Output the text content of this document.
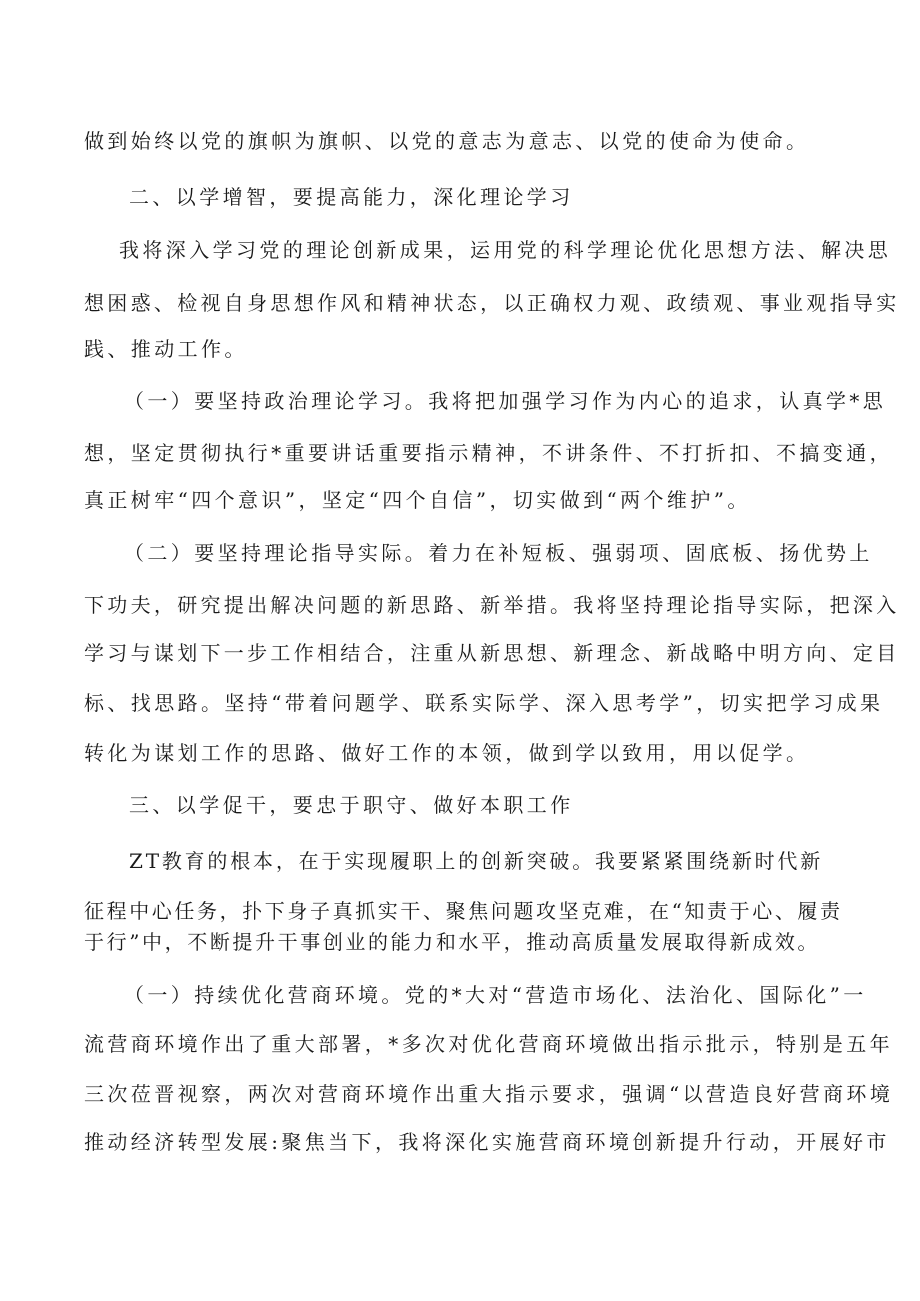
做到始终以党的旗帜为旗帜、以党的意志为意志、以党的使命为使命。
二、以学增智，要提高能力，深化理论学习
我将深入学习党的理论创新成果，运用党的科学理论优化思想方法、解决思
想困惑、检视自身思想作风和精神状态，以正确权力观、政绩观、事业观指导实
践、推动工作。
（一）要坚持政治理论学习。我将把加强学习作为内心的追求，认真学*思
想，坚定贯彻执行*重要讲话重要指示精神，不讲条件、不打折扣、不搞变通，
真正树牢“四个意识”，坚定“四个自信”，切实做到“两个维护”。
（二）要坚持理论指导实际。着力在补短板、强弱项、固底板、扬优势上
下功夫，研究提出解决问题的新思路、新举措。我将坚持理论指导实际，把深入
学习与谋划下一步工作相结合，注重从新思想、新理念、新战略中明方向、定目
标、找思路。坚持“带着问题学、联系实际学、深入思考学”，切实把学习成果
转化为谋划工作的思路、做好工作的本领，做到学以致用，用以促学。
三、以学促干，要忠于职守、做好本职工作
ZT教育的根本，在于实现履职上的创新突破。我要紧紧围绕新时代新
征程中心任务，扑下身子真抓实干、聚焦问题攻坚克难，在“知责于心、履责
于行”中，不断提升干事创业的能力和水平，推动高质量发展取得新成效。
（一）持续优化营商环境。党的*大对“营造市场化、法治化、国际化”一
流营商环境作出了重大部署，*多次对优化营商环境做出指示批示，特别是五年
三次莅晋视察，两次对营商环境作出重大指示要求，强调“以营造良好营商环境
推动经济转型发展:聚焦当下，我将深化实施营商环境创新提升行动，开展好市
